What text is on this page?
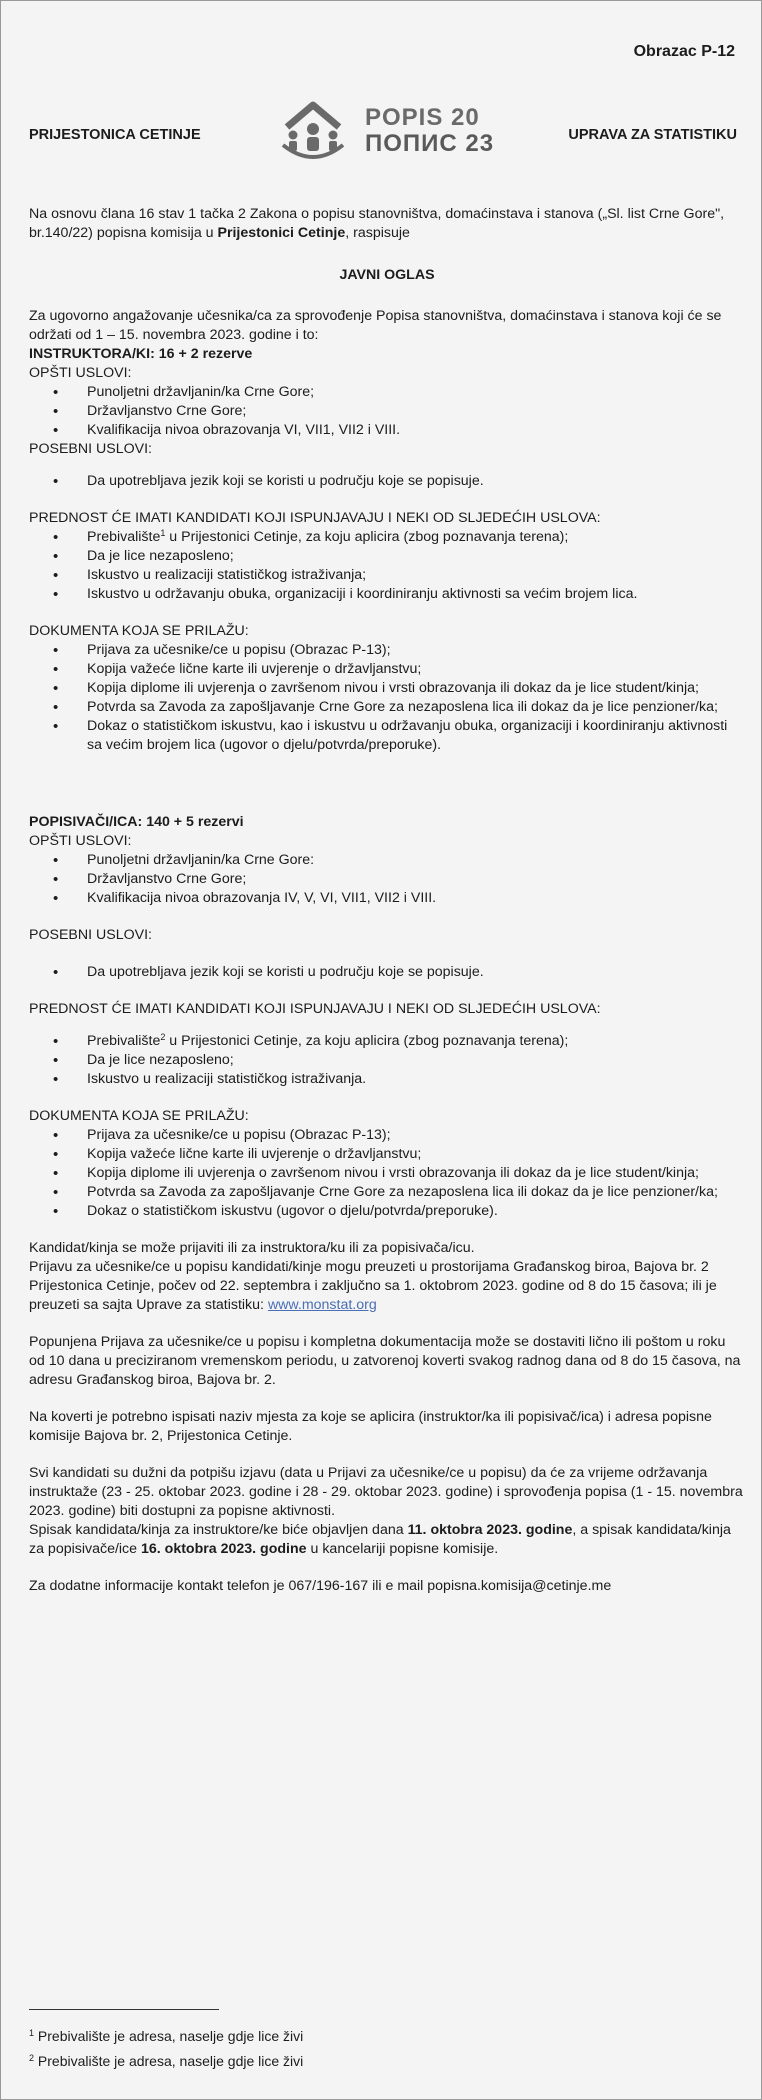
Obrazac P-12
PRIJESTONICA CETINJE	UPRAVA ZA STATISTIKU
POPIS 20
ПОПИС 23

Na osnovu člana 16 stav 1 tačka 2 Zakona o popisu stanovništva, domaćinstava i stanova („Sl. list Crne Gore", br.140/22) popisna komisija u Prijestonici Cetinje, raspisuje

JAVNI OGLAS

Za ugovorno angažovanje učesnika/ca za sprovođenje Popisa stanovništva, domaćinstava i stanova koji će se održati od 1 – 15. novembra 2023. godine i to:

INSTRUKTORA/KI: 16 + 2 rezerve

OPŠTI USLOVI:

• Punoljetni državljanin/ka Crne Gore;
• Državljanstvo Crne Gore;
• Kvalifikacija nivoa obrazovanja VI, VII1, VII2 i VIII.

POSEBNI USLOVI:

• Da upotrebljava jezik koji se koristi u području koje se popisuje.

PREDNOST ĆE IMATI KANDIDATI KOJI ISPUNJAVAJU I NEKI OD SLJEDEĆIH USLOVA:

• Prebivalište$^1$ u Prijestonici Cetinje, za koju aplicira (zbog poznavanja terena);
• Da je lice nezaposleno;
• Iskustvo u realizaciji statističkog istraživanja;
• Iskustvo u održavanju obuka, organizaciji i koordiniranju aktivnosti sa većim brojem lica.

DOKUMENTA KOJA SE PRILAŽU:

• Prijava za učesnike/ce u popisu (Obrazac P-13);
• Kopija važeće lične karte ili uvjerenje o državljanstvu;
• Kopija diplome ili uvjerenja o završenom nivou i vrsti obrazovanja ili dokaz da je lice student/kinja;
• Potvrda sa Zavoda za zapošljavanje Crne Gore za nezaposlena lica ili dokaz da je lice penzioner/ka;
• Dokaz o statističkom iskustvu, kao i iskustvu u održavanju obuka, organizaciji i koordiniranju aktivnosti sa većim brojem lica (ugovor o djelu/potvrda/preporuke).

POPISIVAČI/ICA: 140 + 5 rezervi

OPŠTI USLOVI:

• Punoljetni državljanin/ka Crne Gore:
• Državljanstvo Crne Gore;
• Kvalifikacija nivoa obrazovanja IV, V, VI, VII1, VII2 i VIII.

POSEBNI USLOVI:

• Da upotrebljava jezik koji se koristi u području koje se popisuje.

PREDNOST ĆE IMATI KANDIDATI KOJI ISPUNJAVAJU I NEKI OD SLJEDEĆIH USLOVA:

• Prebivalište$^2$ u Prijestonici Cetinje, za koju aplicira (zbog poznavanja terena);
• Da je lice nezaposleno;
• Iskustvo u realizaciji statističkog istraživanja.

DOKUMENTA KOJA SE PRILAŽU:

• Prijava za učesnike/ce u popisu (Obrazac P-13);
• Kopija važeće lične karte ili uvjerenje o državljanstvu;
• Kopija diplome ili uvjerenja o završenom nivou i vrsti obrazovanja ili dokaz da je lice student/kinja;
• Potvrda sa Zavoda za zapošljavanje Crne Gore za nezaposlena lica ili dokaz da je lice penzioner/ka;
• Dokaz o statističkom iskustvu (ugovor o djelu/potvrda/preporuke).

Kandidat/kinja se može prijaviti ili za instruktora/ku ili za popisivača/icu.

Prijavu za učesnike/ce u popisu kandidati/kinje mogu preuzeti u prostorijama Građanskog biroa, Bajova br. 2 Prijestonica Cetinje, počev od 22. septembra i zaključno sa 1. oktobrom 2023. godine od 8 do 15 časova; ili je preuzeti sa sajta Uprave za statistiku: www.monstat.org

Popunjena Prijava za učesnike/ce u popisu i kompletna dokumentacija može se dostaviti lično ili poštom u roku od 10 dana u preciziranom vremenskom periodu, u zatvorenoj koverti svakog radnog dana od 8 do 15 časova, na adresu Građanskog biroa, Bajova br. 2.

Na koverti je potrebno ispisati naziv mjesta za koje se aplicira (instruktor/ka ili popisivač/ica) i adresa popisne komisije Bajova br. 2, Prijestonica Cetinje.

Svi kandidati su dužni da potpišu izjavu (data u Prijavi za učesnike/ce u popisu) da će za vrijeme održavanja instruktaže (23 - 25. oktobar 2023. godine i 28 - 29. oktobar 2023. godine) i sprovođenja popisa (1 - 15. novembra 2023. godine) biti dostupni za popisne aktivnosti.

Spisak kandidata/kinja za instruktore/ke biće objavljen dana 11. oktobra 2023. godine, a spisak kandidata/kinja za popisivače/ice 16. oktobra 2023. godine u kancelariji popisne komisije.

Za dodatne informacije kontakt telefon je 067/196-167 ili e mail popisna.komisija@cetinje.me

$^1$ Prebivalište je adresa, naselje gdje lice živi
$^2$ Prebivalište je adresa, naselje gdje lice živi
